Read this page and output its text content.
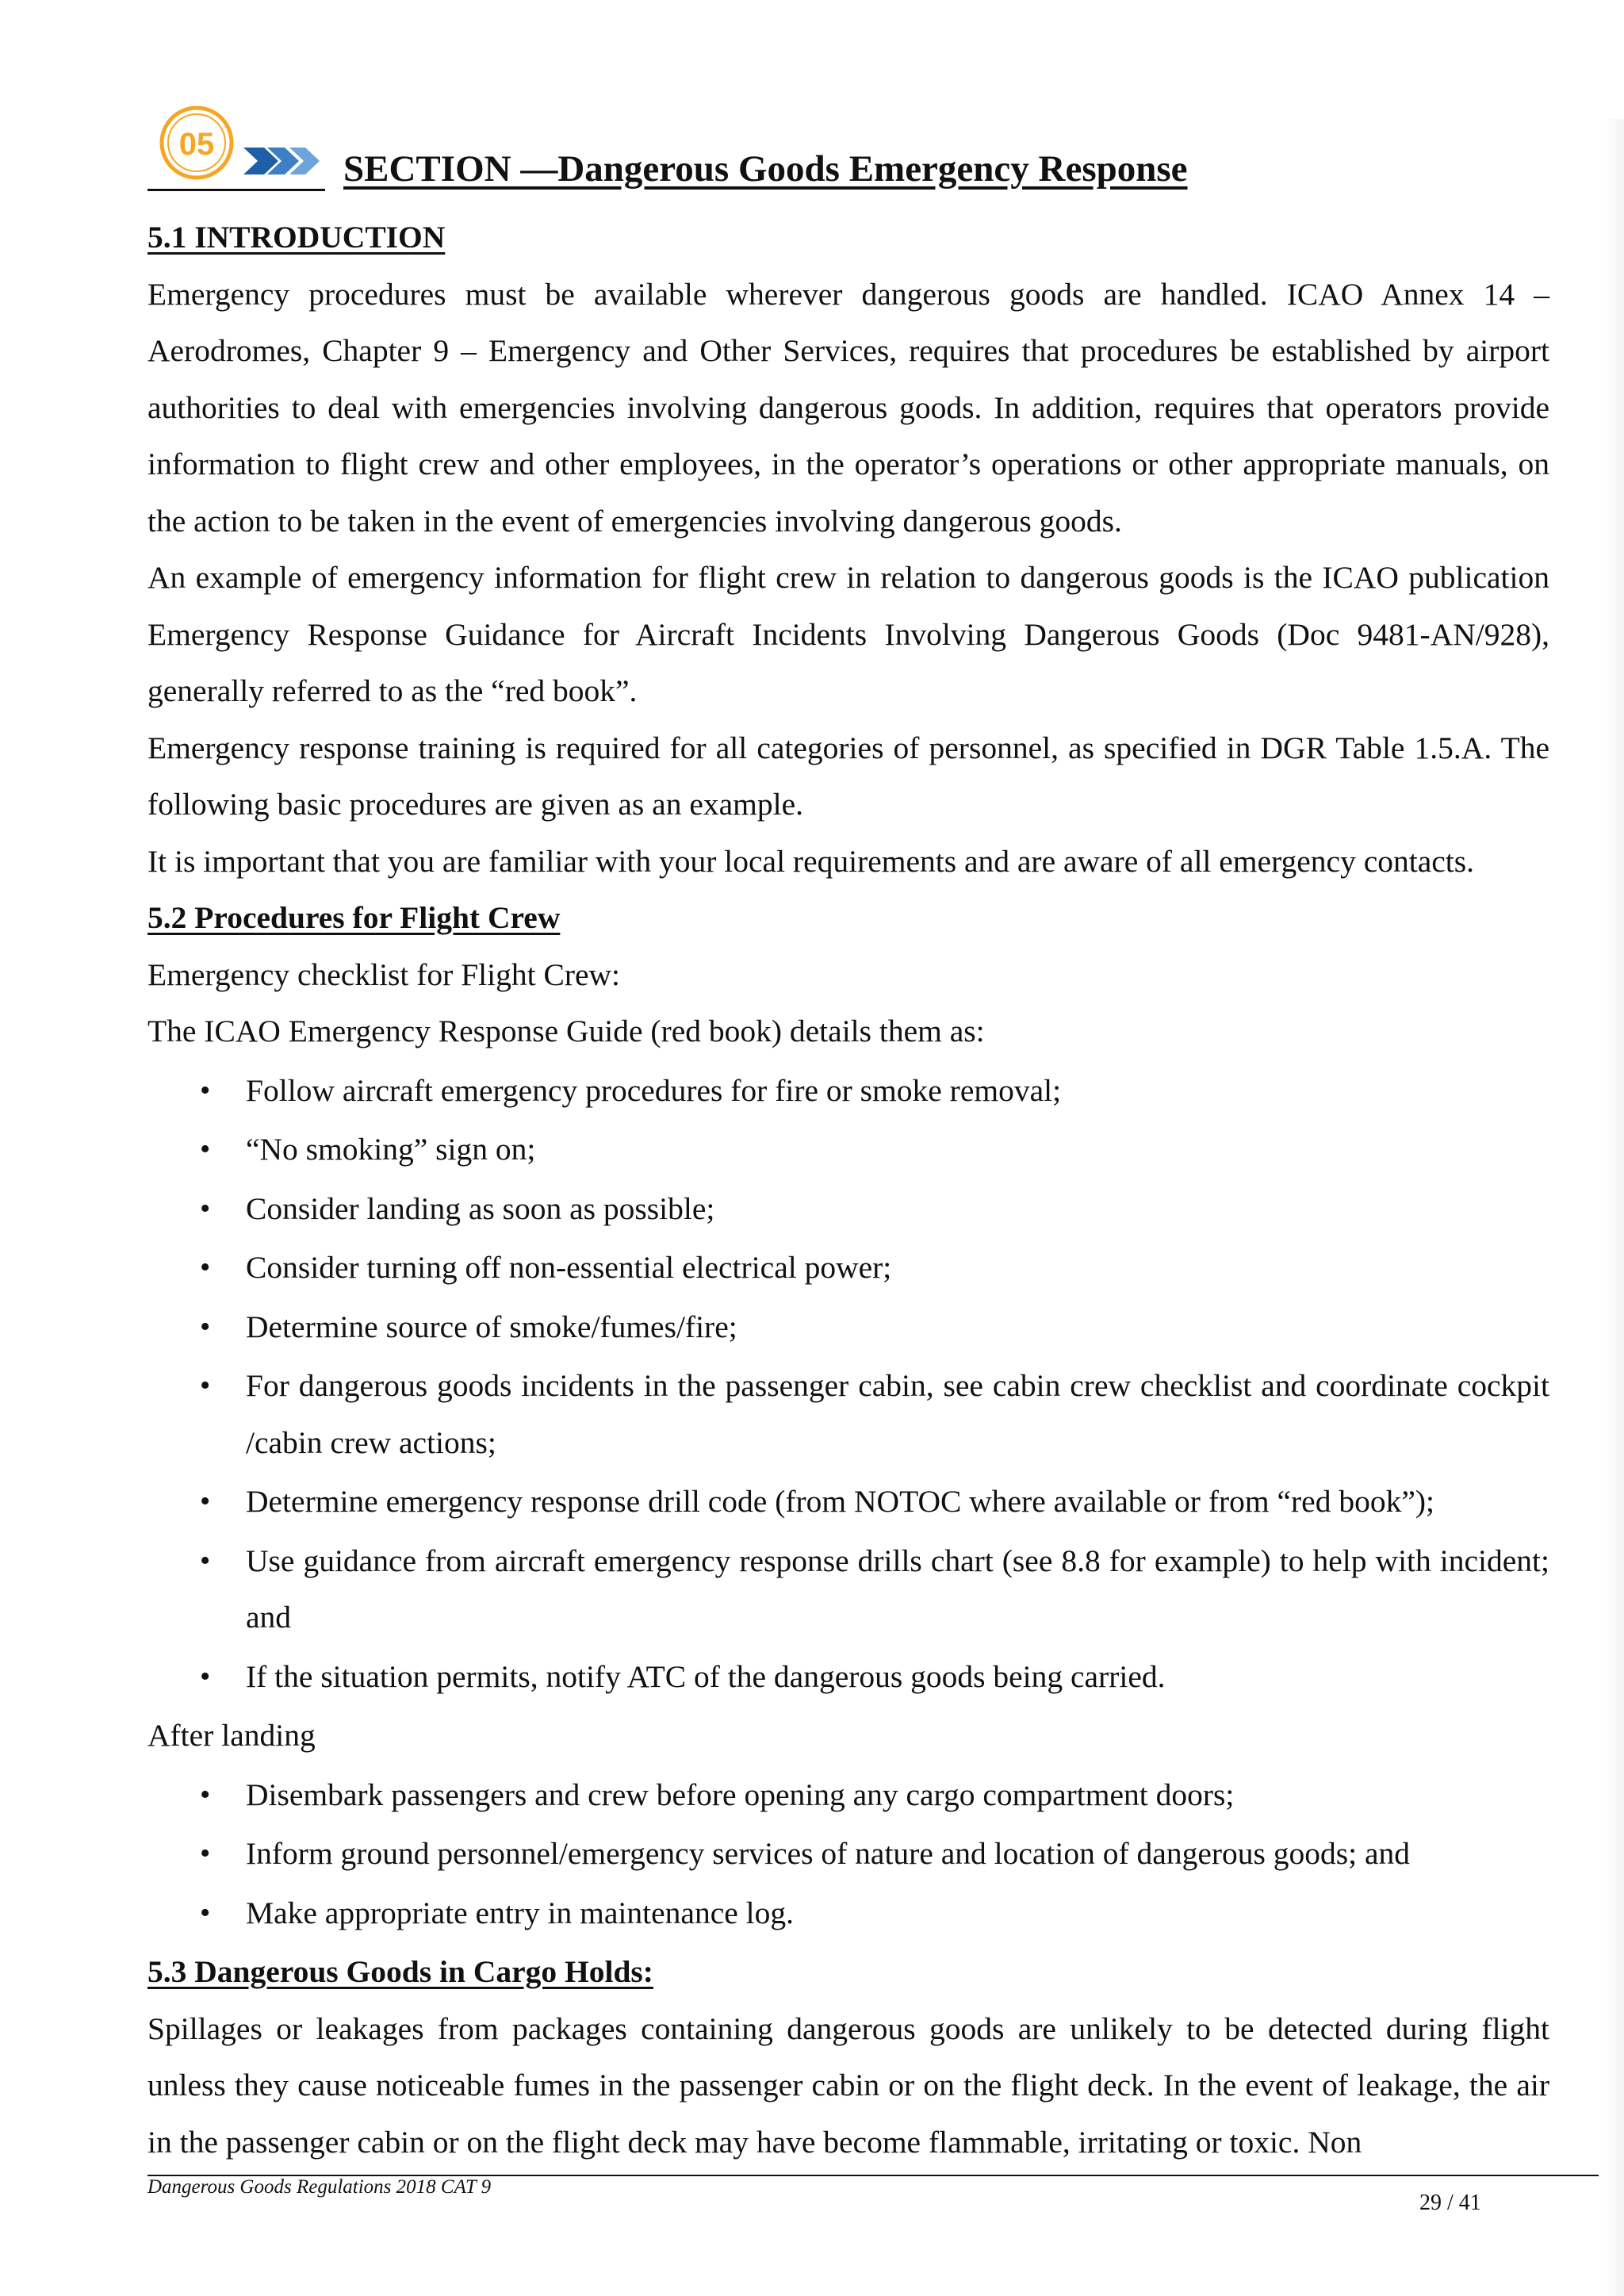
05
SECTION —Dangerous Goods Emergency Response

5.1 INTRODUCTION

Emergency procedures must be available wherever dangerous goods are handled. ICAO Annex 14 – Aerodromes, Chapter 9 – Emergency and Other Services, requires that procedures be established by airport authorities to deal with emergencies involving dangerous goods. In addition, requires that operators provide information to flight crew and other employees, in the operator’s operations or other appropriate manuals, on the action to be taken in the event of emergencies involving dangerous goods.

An example of emergency information for flight crew in relation to dangerous goods is the ICAO publication Emergency Response Guidance for Aircraft Incidents Involving Dangerous Goods (Doc 9481-AN/928), generally referred to as the “red book”.

Emergency response training is required for all categories of personnel, as specified in DGR Table 1.5.A. The following basic procedures are given as an example.

It is important that you are familiar with your local requirements and are aware of all emergency contacts.

5.2 Procedures for Flight Crew

Emergency checklist for Flight Crew:

The ICAO Emergency Response Guide (red book) details them as:

• Follow aircraft emergency procedures for fire or smoke removal;
• “No smoking” sign on;
• Consider landing as soon as possible;
• Consider turning off non-essential electrical power;
• Determine source of smoke/fumes/fire;
• For dangerous goods incidents in the passenger cabin, see cabin crew checklist and coordinate cockpit /cabin crew actions;
• Determine emergency response drill code (from NOTOC where available or from “red book”);
• Use guidance from aircraft emergency response drills chart (see 8.8 for example) to help with incident; and
• If the situation permits, notify ATC of the dangerous goods being carried.

After landing

• Disembark passengers and crew before opening any cargo compartment doors;
• Inform ground personnel/emergency services of nature and location of dangerous goods; and
• Make appropriate entry in maintenance log.

5.3 Dangerous Goods in Cargo Holds:

Spillages or leakages from packages containing dangerous goods are unlikely to be detected during flight unless they cause noticeable fumes in the passenger cabin or on the flight deck. In the event of leakage, the air in the passenger cabin or on the flight deck may have become flammable, irritating or toxic. Non

Dangerous Goods Regulations 2018 CAT 9
29 / 41
